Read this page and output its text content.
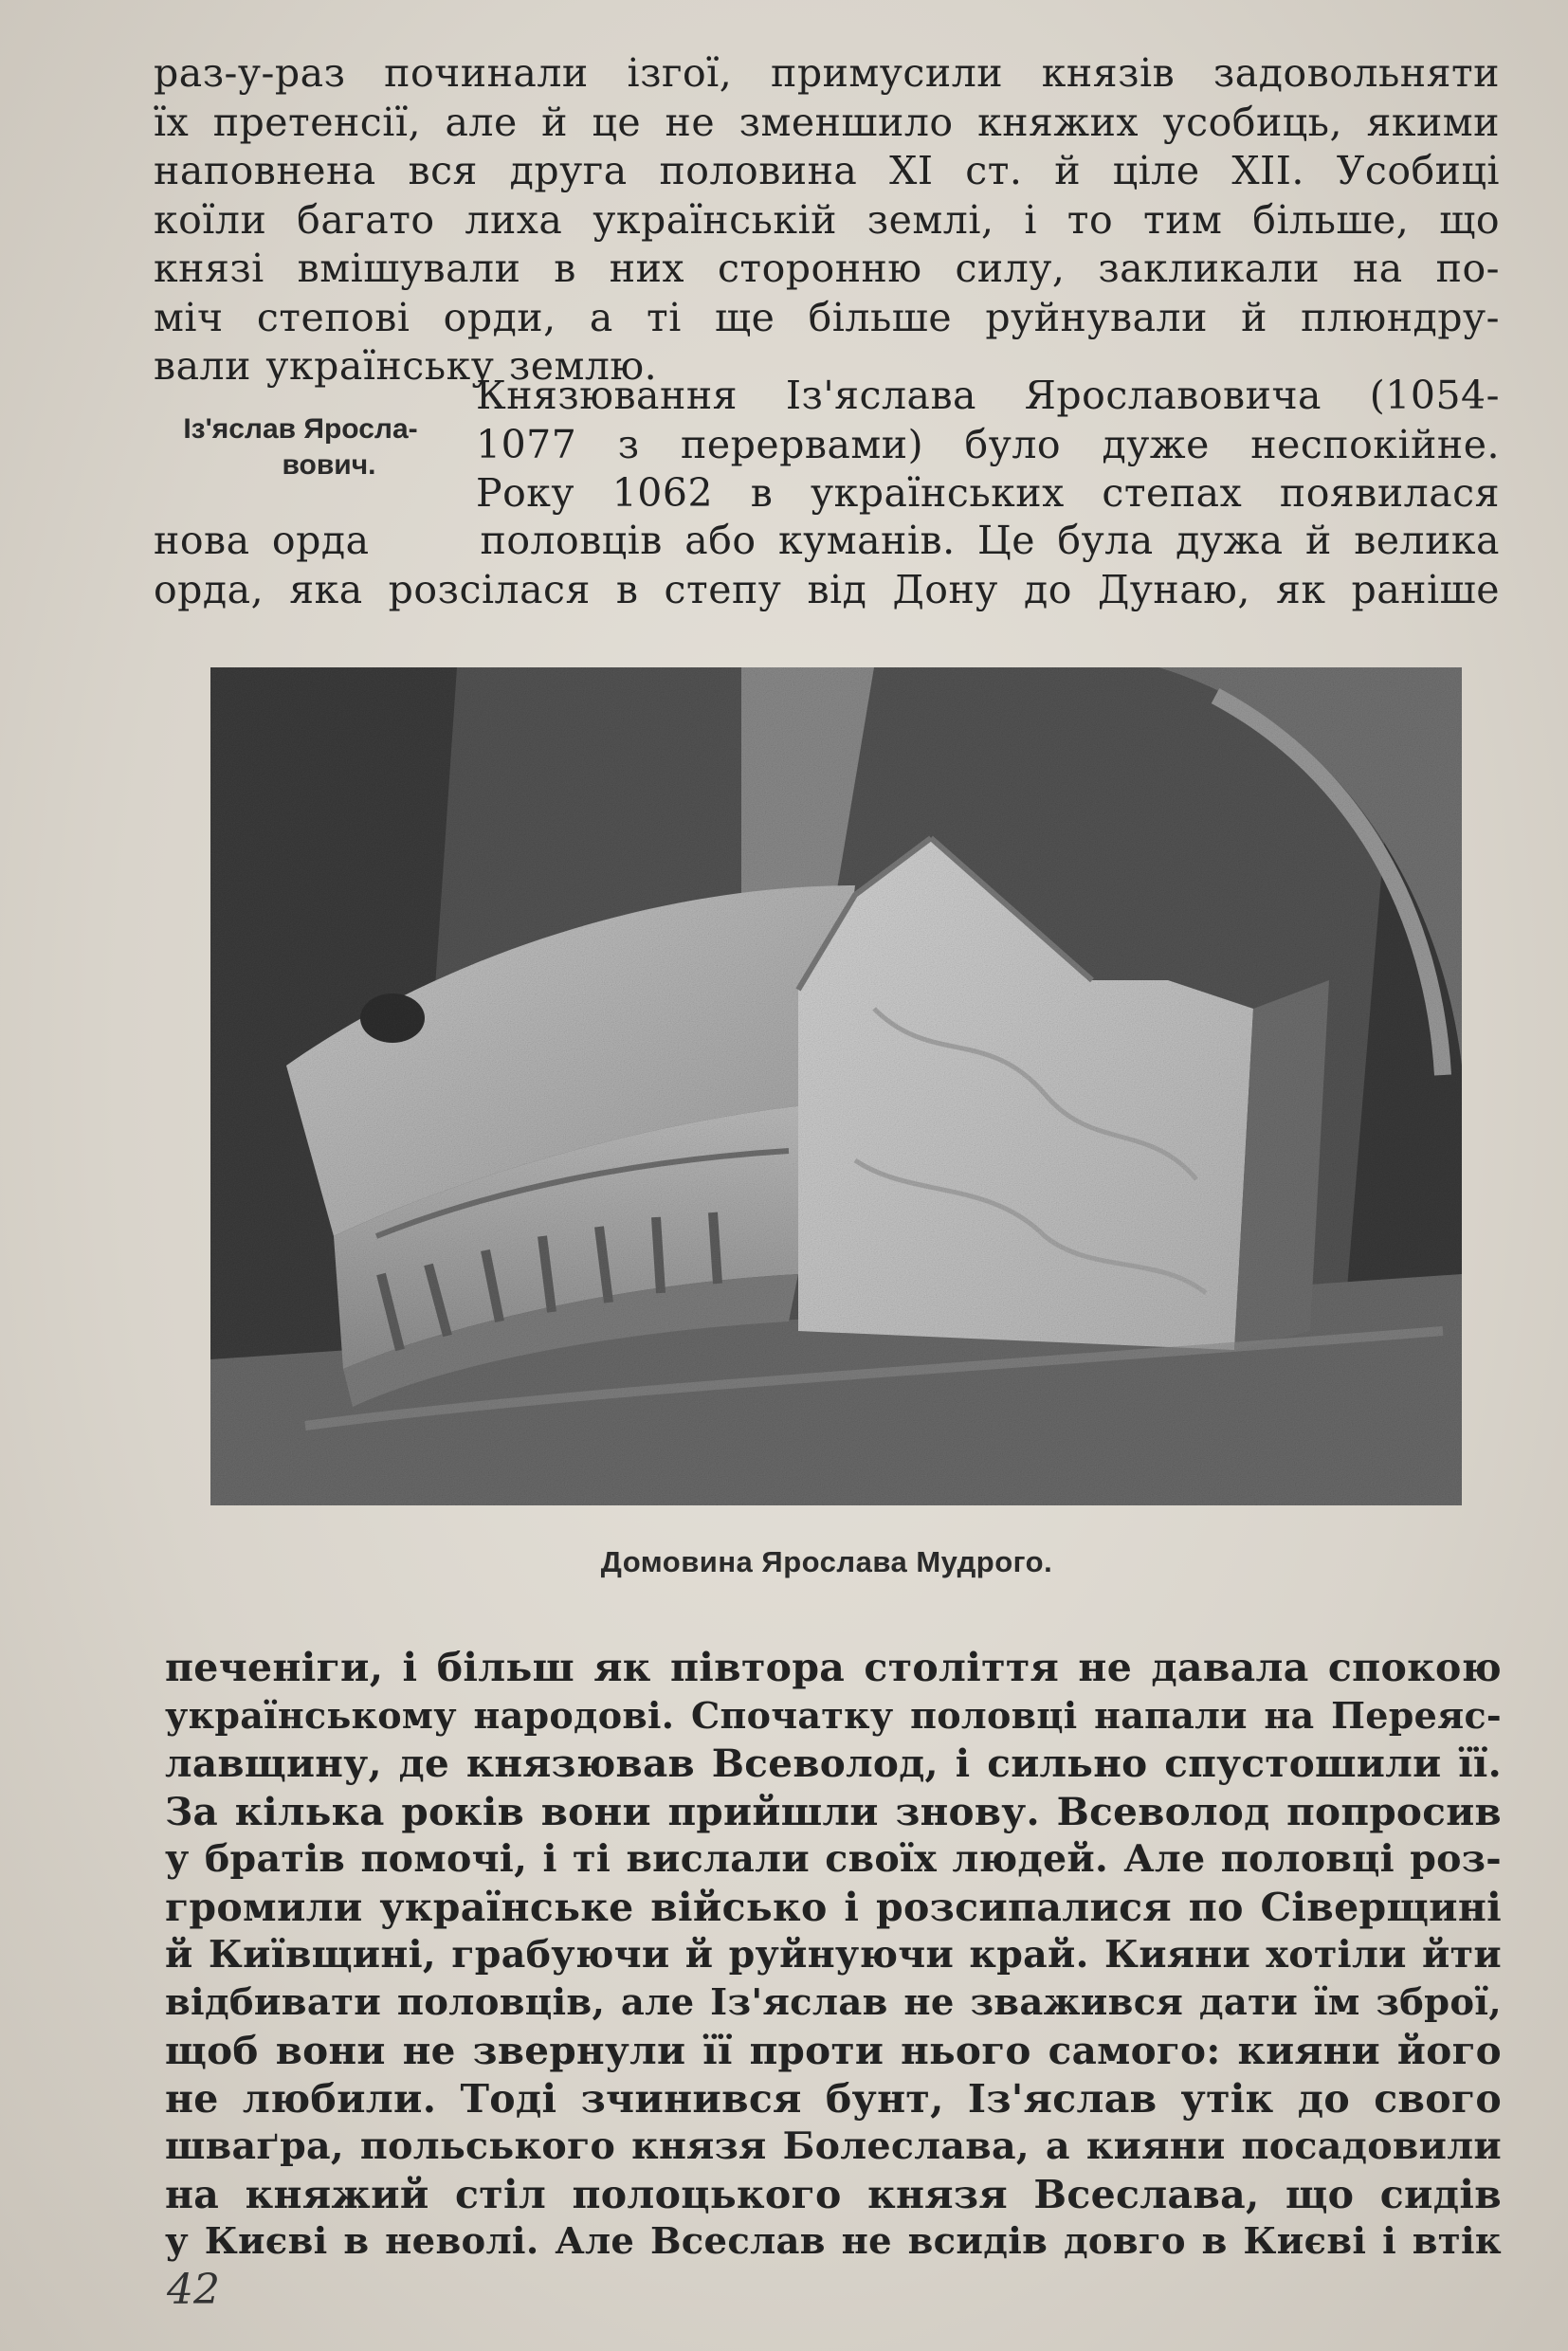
раз-у-раз починали ізгої, примусили князів задовольняти
їх претенсії, але й це не зменшило княжих усобиць, якими
наповнена вся друга половина XI ст. й ціле XII. Усобиці
коїли багато лиха українській землі, і то тим більше, що
князі вмішували в них сторонню силу, закликали на по-
міч степові орди, а ті ще більше руйнували й плюндру-
вали українську землю.
Із'яслав Яросла-
вович.
Князювання Із'яслава Ярославовича (1054-
1077 з перервами) було дуже неспокійне.
Року 1062 в українських степах появилася
нова орда     половців або куманів. Це була дужа й велика
орда, яка розсілася в степу від Дону до Дунаю, як раніше
Домовина Ярослава Мудрого.
печеніги, і більш як півтора століття не давала спокою
українському народові. Спочатку половці напали на Переяс-
лавщину, де князював Всеволод, і сильно спустошили її.
За кілька років вони прийшли знову. Всеволод попросив
у братів помочі, і ті вислали своїх людей. Але половці роз-
громили українське військо і розсипалися по Сіверщині
й Київщині, грабуючи й руйнуючи край. Кияни хотіли йти
відбивати половців, але Із'яслав не зважився дати їм зброї,
щоб вони не звернули її проти нього самого: кияни його
не любили. Тоді зчинився бунт, Із'яслав утік до свого
шваґра, польського князя Болеслава, а кияни посадовили
на княжий стіл полоцького князя Всеслава, що сидів
у Києві в неволі. Але Всеслав не всидів довго в Києві і втік
42
